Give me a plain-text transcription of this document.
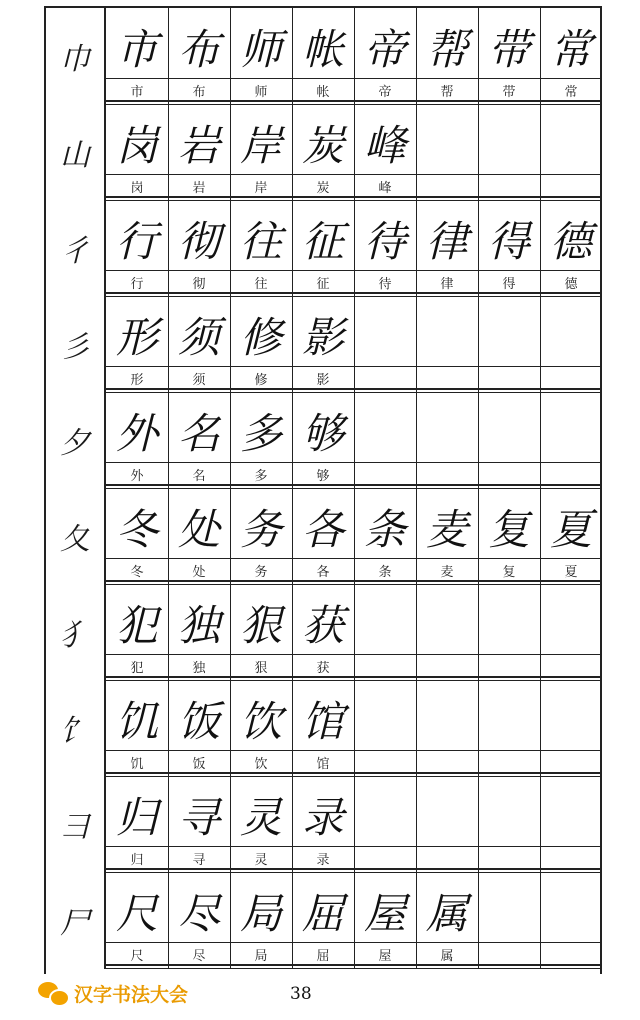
巾 市
市
布
布
师
师
帐
帐
帝
帝
帮
帮
带
带
常
常
山 岗
岗
岩
岩
岸
岸
炭
炭
峰
峰
彳 行
行
彻
彻
往
往
征
征
待
待
律
律
得
得
德
德
彡 形
形
须
须
修
修
影
影
夕 外
外
名
名
多
多
够
够
夂 冬
冬
处
处
务
务
各
各
条
条
麦
麦
复
复
夏
夏
犭 犯
犯
独
独
狠
狠
获
获
饣 饥
饥
饭
饭
饮
饮
馆
馆
彐 归
归
寻
寻
灵
灵
录
录
尸 尺
尺
尽
尽
局
局
屈
屈
屋
屋
属
属
汉字书法大会	38
